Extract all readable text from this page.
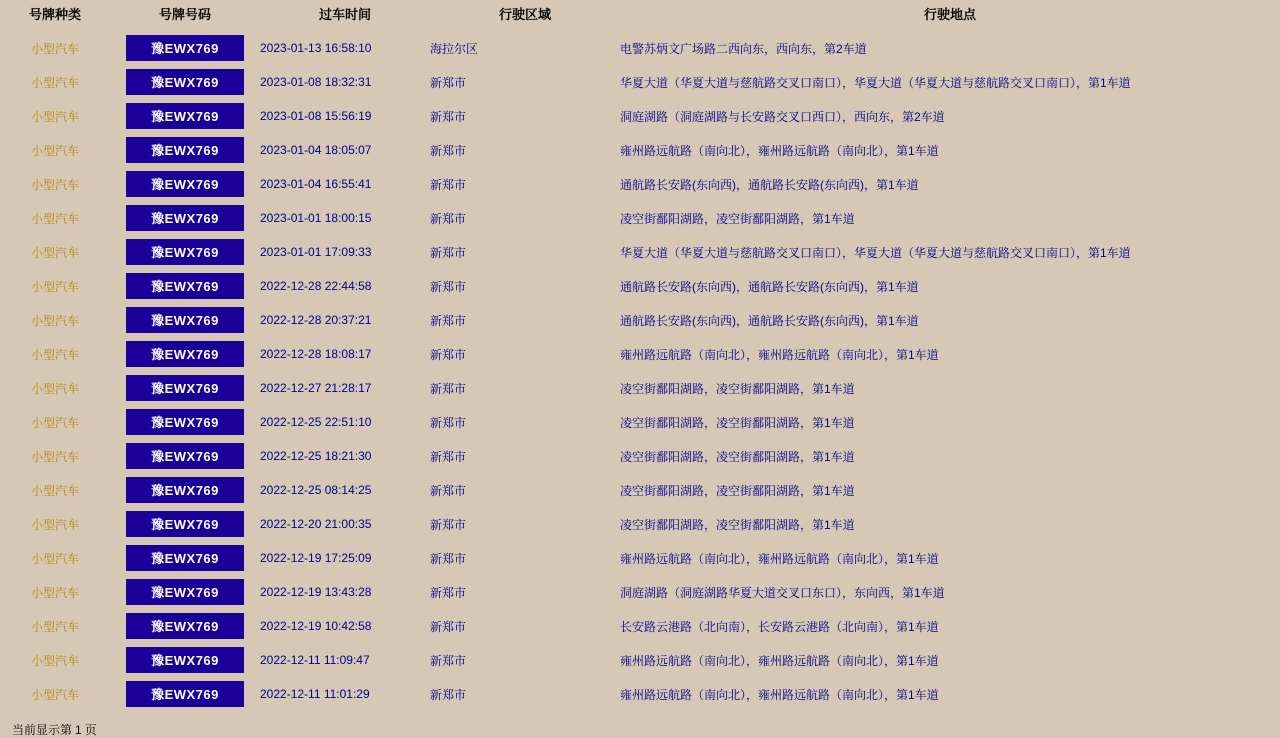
号牌种类	号牌号码	过车时间	行驶区域	行驶地点
小型汽车	豫EWX769	2023-01-13 16:58:10	海拉尔区	电警苏炳文广场路二西向东，西向东，第2车道
小型汽车	豫EWX769	2023-01-08 18:32:31	新郑市	华夏大道（华夏大道与慈航路交叉口南口），华夏大道（华夏大道与慈航路交叉口南口），第1车道
小型汽车	豫EWX769	2023-01-08 15:56:19	新郑市	洞庭湖路（洞庭湖路与长安路交叉口西口），西向东，第2车道
小型汽车	豫EWX769	2023-01-04 18:05:07	新郑市	雍州路远航路（南向北），雍州路远航路（南向北），第1车道
小型汽车	豫EWX769	2023-01-04 16:55:41	新郑市	通航路长安路(东向西)，通航路长安路(东向西)，第1车道
小型汽车	豫EWX769	2023-01-01 18:00:15	新郑市	凌空街鄱阳湖路，凌空街鄱阳湖路，第1车道
小型汽车	豫EWX769	2023-01-01 17:09:33	新郑市	华夏大道（华夏大道与慈航路交叉口南口），华夏大道（华夏大道与慈航路交叉口南口），第1车道
小型汽车	豫EWX769	2022-12-28 22:44:58	新郑市	通航路长安路(东向西)，通航路长安路(东向西)，第1车道
小型汽车	豫EWX769	2022-12-28 20:37:21	新郑市	通航路长安路(东向西)，通航路长安路(东向西)，第1车道
小型汽车	豫EWX769	2022-12-28 18:08:17	新郑市	雍州路远航路（南向北），雍州路远航路（南向北），第1车道
小型汽车	豫EWX769	2022-12-27 21:28:17	新郑市	凌空街鄱阳湖路，凌空街鄱阳湖路，第1车道
小型汽车	豫EWX769	2022-12-25 22:51:10	新郑市	凌空街鄱阳湖路，凌空街鄱阳湖路，第1车道
小型汽车	豫EWX769	2022-12-25 18:21:30	新郑市	凌空街鄱阳湖路，凌空街鄱阳湖路，第1车道
小型汽车	豫EWX769	2022-12-25 08:14:25	新郑市	凌空街鄱阳湖路，凌空街鄱阳湖路，第1车道
小型汽车	豫EWX769	2022-12-20 21:00:35	新郑市	凌空街鄱阳湖路，凌空街鄱阳湖路，第1车道
小型汽车	豫EWX769	2022-12-19 17:25:09	新郑市	雍州路远航路（南向北），雍州路远航路（南向北），第1车道
小型汽车	豫EWX769	2022-12-19 13:43:28	新郑市	洞庭湖路（洞庭湖路华夏大道交叉口东口），东向西，第1车道
小型汽车	豫EWX769	2022-12-19 10:42:58	新郑市	长安路云港路（北向南），长安路云港路（北向南），第1车道
小型汽车	豫EWX769	2022-12-11 11:09:47	新郑市	雍州路远航路（南向北），雍州路远航路（南向北），第1车道
小型汽车	豫EWX769	2022-12-11 11:01:29	新郑市	雍州路远航路（南向北），雍州路远航路（南向北），第1车道
当前显示第 1 页
